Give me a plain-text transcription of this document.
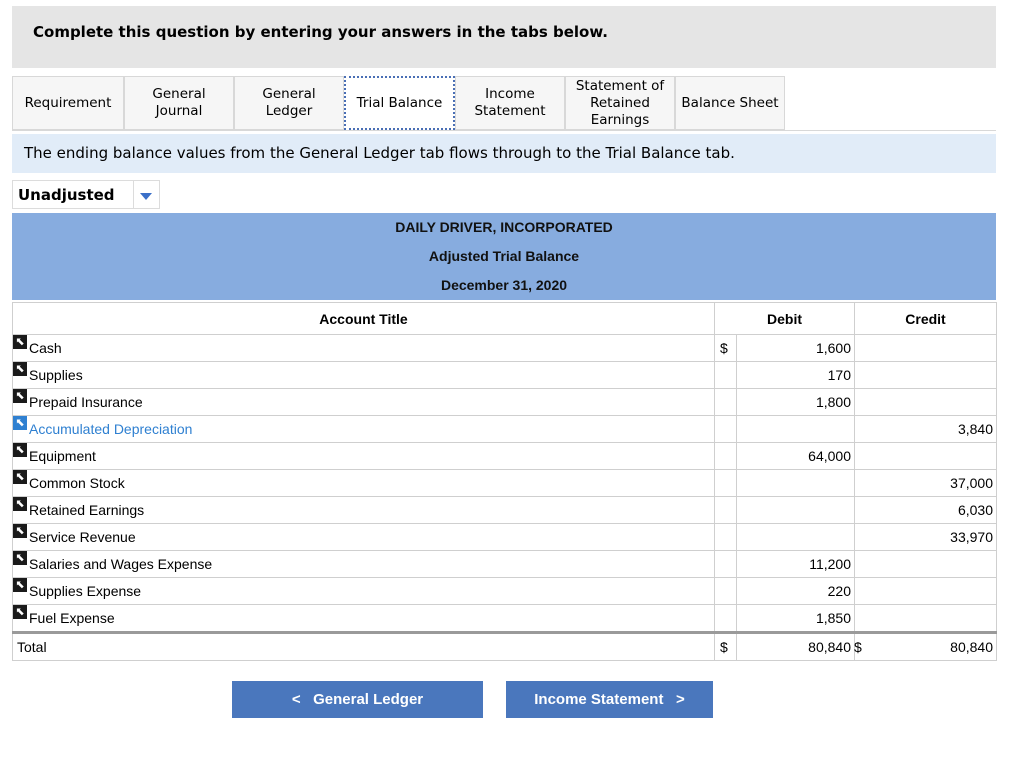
Complete this question by entering your answers in the tabs below.
Requirement
General
Journal
General
Ledger
Trial Balance
Income
Statement
Statement of
Retained
Earnings
Balance Sheet
The ending balance values from the General Ledger tab flows through to the Trial Balance tab.
Unadjusted
DAILY DRIVER, INCORPORATED
Adjusted Trial Balance
December 31, 2020
Account Title	Debit		Credit

⬉ Cash	$	1,600	

⬉ Supplies		170	

⬉ Prepaid Insurance		1,800	

⬉ Accumulated Depreciation			3,840

⬉ Equipment		64,000	

⬉ Common Stock			37,000

⬉ Retained Earnings			6,030

⬉ Service Revenue			33,970

⬉ Salaries and Wages Expense		11,200	

⬉ Supplies Expense		220	

⬉ Fuel Expense		1,850	
Total	$	80,840	$ 80,840
< General Ledger	Income Statement >
